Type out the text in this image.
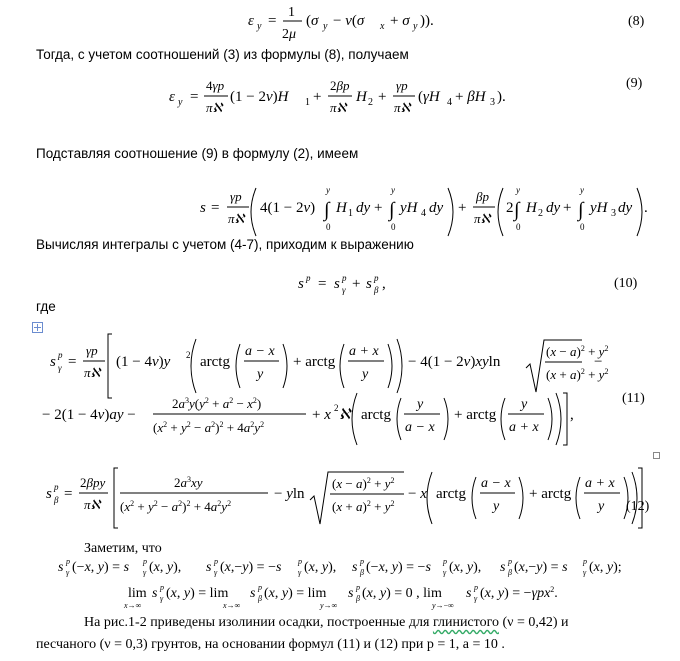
ε y =
1
2μ
(σ y − ν(σ x + σ y )).
ε y =
4γp
πℵ
(1 − 2ν)H 1 +
2βp
πℵ
H 2 +
γp
πℵ
(γH 4 + βH 3 ).
s =
γp
πℵ
4(1 − 2ν) ∫
y
0
H 1 dy + ∫
y
0
yH 4 dy +
βp
πℵ
2 ∫
y
0
H 2 dy + ∫
y
0
yH 3 dy .
s p = s p
γ + s p
β ,
s p
γ =
γp
πℵ
(1 − 4ν)y 2 arctg
a − x
y
+ arctg
a + x
y
− 4(1 − 2ν)xyln
$(x - a)^2 + y^2$
$(x + a)^2 + y^2$
−
− 2(1 − 4ν)ay −
$2a^3y(y^2 + a^2 - x^2)$
$(x^2 + y^2 - a^2)^2 + 4a^2y^2$
+ x 2 ℵ arctg
y
a − x
+ arctg
y
a + x
,
s p
β =
2βpy
πℵ
$2a^3xy$
$(x^2 + y^2 - a^2)^2 + 4a^2y^2$
− yln
$(x - a)^2 + y^2$
$(x + a)^2 + y^2$
− x arctg
a − x
y
+ arctg
a + x
y
s p
γ (−x, y) = s p
γ (x, y), s p
γ (x,−y) = −s p
γ (x, y), s p
β (−x, y) = −s p
γ (x, y), s p
β (x,−y) = s p
γ (x, y);
lim
x→∞
s p
γ (x, y) = lim
x→∞
s p
β (x, y) = lim
y→∞
s p
β (x, y) = 0 , lim
y→−∞
s p
γ (x, y) = −γpx$^2$.
(8)
(9)
(10)
(11)
(12)
Тогда, с учетом соотношений (3) из формулы (8), получаем
Подставляя соотношение (9) в формулу (2), имеем
Вычисляя интегралы с учетом (4-7), приходим к выражению
где
Заметим, что
На рис.1-2 приведены изолинии осадки, построенные для глинистого (ν = 0,42) и
песчаного (ν = 0,3) грунтов, на основании формул (11) и (12) при p = 1, a = 10 .
